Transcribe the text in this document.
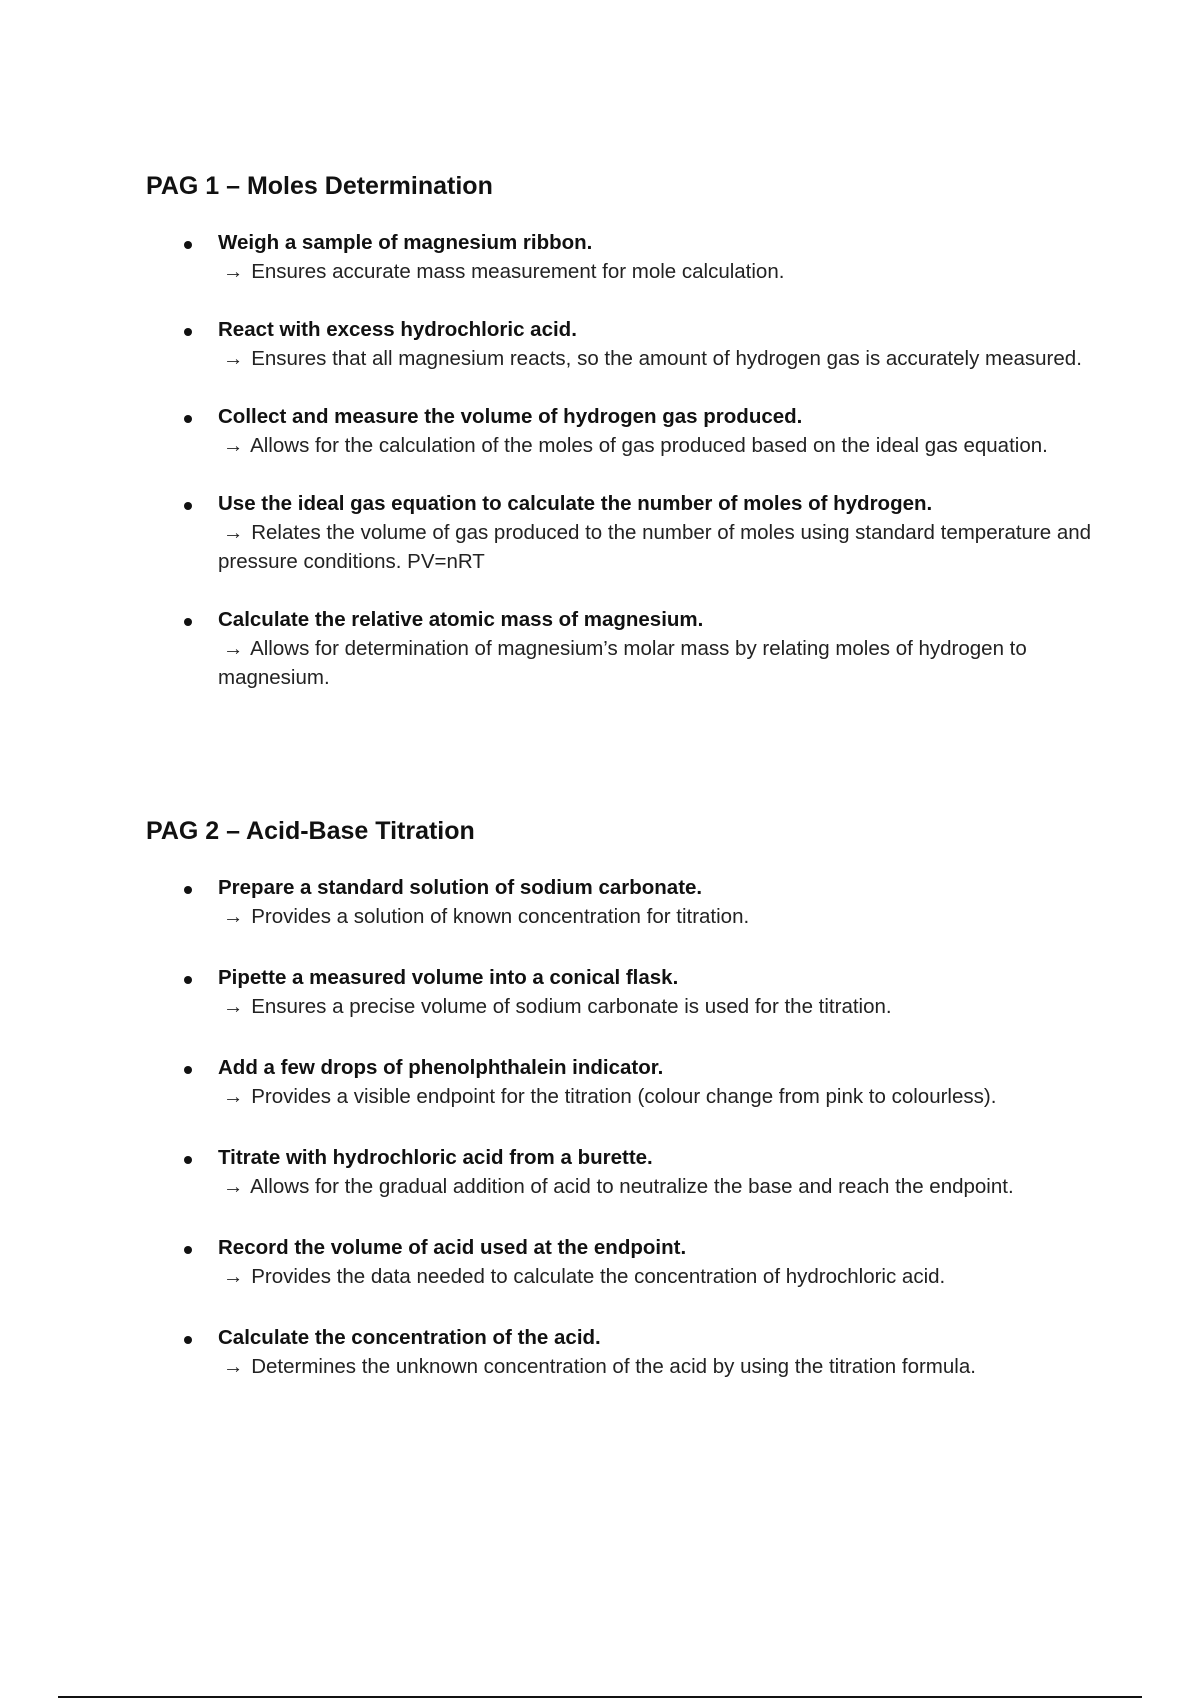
PAG 1 – Moles Determination
Weigh a sample of magnesium ribbon.
→ Ensures accurate mass measurement for mole calculation.
React with excess hydrochloric acid.
→ Ensures that all magnesium reacts, so the amount of hydrogen gas is accurately measured.
Collect and measure the volume of hydrogen gas produced.
→ Allows for the calculation of the moles of gas produced based on the ideal gas equation.
Use the ideal gas equation to calculate the number of moles of hydrogen.
→ Relates the volume of gas produced to the number of moles using standard temperature and pressure conditions. PV=nRT
Calculate the relative atomic mass of magnesium.
→ Allows for determination of magnesium’s molar mass by relating moles of hydrogen to magnesium.
PAG 2 – Acid-Base Titration
Prepare a standard solution of sodium carbonate.
→ Provides a solution of known concentration for titration.
Pipette a measured volume into a conical flask.
→ Ensures a precise volume of sodium carbonate is used for the titration.
Add a few drops of phenolphthalein indicator.
→ Provides a visible endpoint for the titration (colour change from pink to colourless).
Titrate with hydrochloric acid from a burette.
→ Allows for the gradual addition of acid to neutralize the base and reach the endpoint.
Record the volume of acid used at the endpoint.
→ Provides the data needed to calculate the concentration of hydrochloric acid.
Calculate the concentration of the acid.
→ Determines the unknown concentration of the acid by using the titration formula.
